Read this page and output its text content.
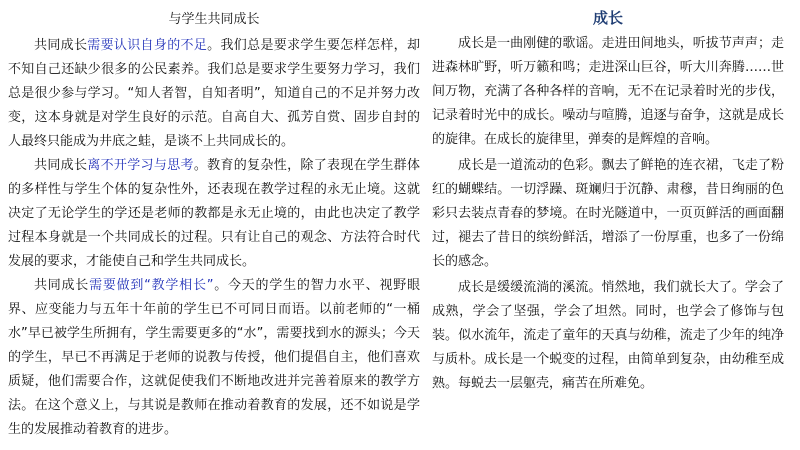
与学生共同成长

共同成长需要认识自身的不足。我们总是要求学生要怎样怎样，却不知自己还缺少很多的公民素养。我们总是要求学生要努力学习，我们总是很少参与学习。“知人者智，自知者明”，知道自己的不足并努力改变，这本身就是对学生良好的示范。自高自大、孤芳自赏、固步自封的人最终只能成为井底之蛙，是谈不上共同成长的。

共同成长离不开学习与思考。教育的复杂性，除了表现在学生群体的多样性与学生个体的复杂性外，还表现在教学过程的永无止境。这就决定了无论学生的学还是老师的教都是永无止境的，由此也决定了教学过程本身就是一个共同成长的过程。只有让自己的观念、方法符合时代发展的要求，才能使自己和学生共同成长。

共同成长需要做到“教学相长”。今天的学生的智力水平、视野眼界、应变能力与五年十年前的学生已不可同日而语。以前老师的“一桶水”早已被学生所拥有，学生需要更多的“水”，需要找到水的源头；今天的学生，早已不再满足于老师的说教与传授，他们提倡自主，他们喜欢质疑，他们需要合作，这就促使我们不断地改进并完善着原来的教学方法。在这个意义上，与其说是教师在推动着教育的发展，还不如说是学生的发展推动着教育的进步。

成长

成长是一曲刚健的歌谣。走进田间地头，听拔节声声；走进森林旷野，听万籁和鸣；走进深山巨谷，听大川奔腾……世间万物，充满了各种各样的音响，无不在记录着时光的步伐，记录着时光中的成长。噪动与喧腾，追逐与奋争，这就是成长的旋律。在成长的旋律里，弹奏的是辉煌的音响。

成长是一道流动的色彩。飘去了鲜艳的连衣裙，飞走了粉红的蝴蝶结。一切浮躁、斑斓归于沉静、肃穆，昔日绚丽的色彩只去装点青春的梦境。在时光隧道中，一页页鲜活的画面翻过，褪去了昔日的缤纷鲜活，增添了一份厚重，也多了一份绵长的感念。

成长是缓缓流淌的溪流。悄然地，我们就长大了。学会了成熟，学会了坚强，学会了坦然。同时，也学会了修饰与包装。似水流年，流走了童年的天真与幼稚，流走了少年的纯净与质朴。成长是一个蜕变的过程，由简单到复杂，由幼稚至成熟。每蜕去一层躯壳，痛苦在所难免。
